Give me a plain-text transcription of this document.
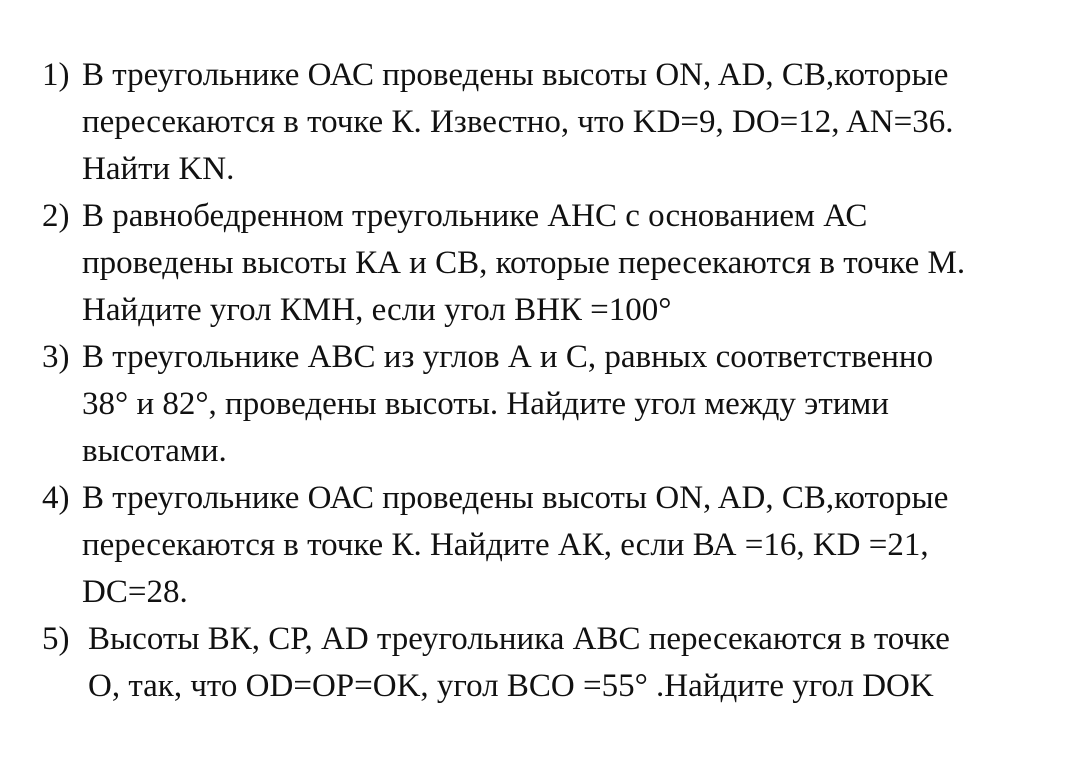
1) В треугольнике ОАС проведены высоты ON, AD, CB,которые
пересекаются в точке К. Известно, что KD=9, DO=12, AN=36.
Найти KN.

2) В равнобедренном треугольнике АНС с основанием АС
проведены высоты КА и СВ, которые пересекаются в точке М.
Найдите угол КМН, если угол ВНК =100°

3) В треугольнике АВС из углов А и С, равных соответственно
38° и 82°, проведены высоты. Найдите угол между этими
высотами.

4) В треугольнике ОАС проведены высоты ON, AD, CB,которые
пересекаются в точке К. Найдите АК, если ВА =16, KD =21,
DC=28.

5) Высоты ВК, СР, AD треугольника АВС пересекаются в точке
О, так, что OD=OP=OK, угол ВСО =55° .Найдите угол DOK
